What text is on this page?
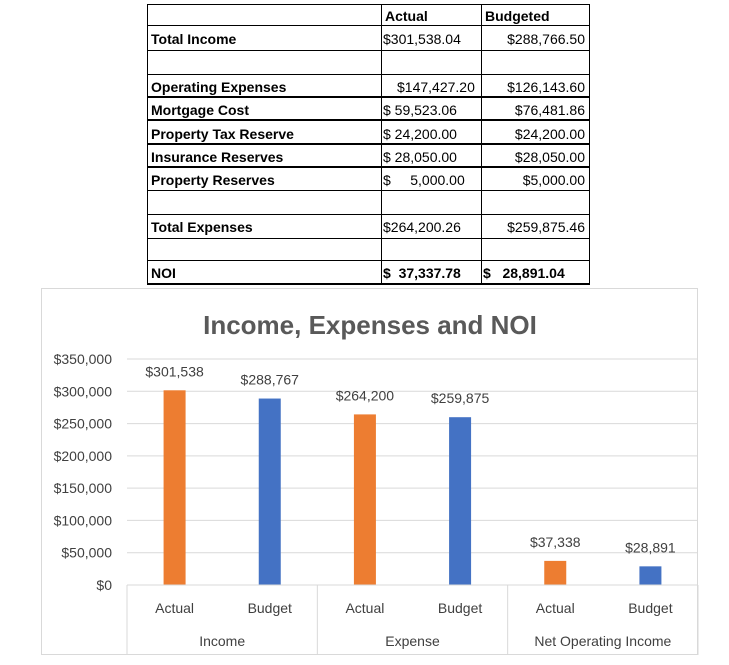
Actual	Budgeted
Total Income	$301,538.04	$288,766.50
Operating Expenses	$147,427.20	$126,143.60
Mortgage Cost	$ 59,523.06	$76,481.86
Property Tax Reserve	$ 24,200.00	$24,200.00
Insurance Reserves	$ 28,050.00	$28,050.00
Property Reserves	$     5,000.00	$5,000.00
Total Expenses	$264,200.26	$259,875.46
NOI	$  37,337.78	$   28,891.04
Income, Expenses and NOI
$301,538
$288,767
$264,200	$259,875
$37,338	$28,891
$0
$50,000
$100,000
$150,000
$200,000
$250,000
$300,000
$350,000
Actual	Budget	Actual	Budget	Actual	Budget
Income	Expense	Net Operating Income
